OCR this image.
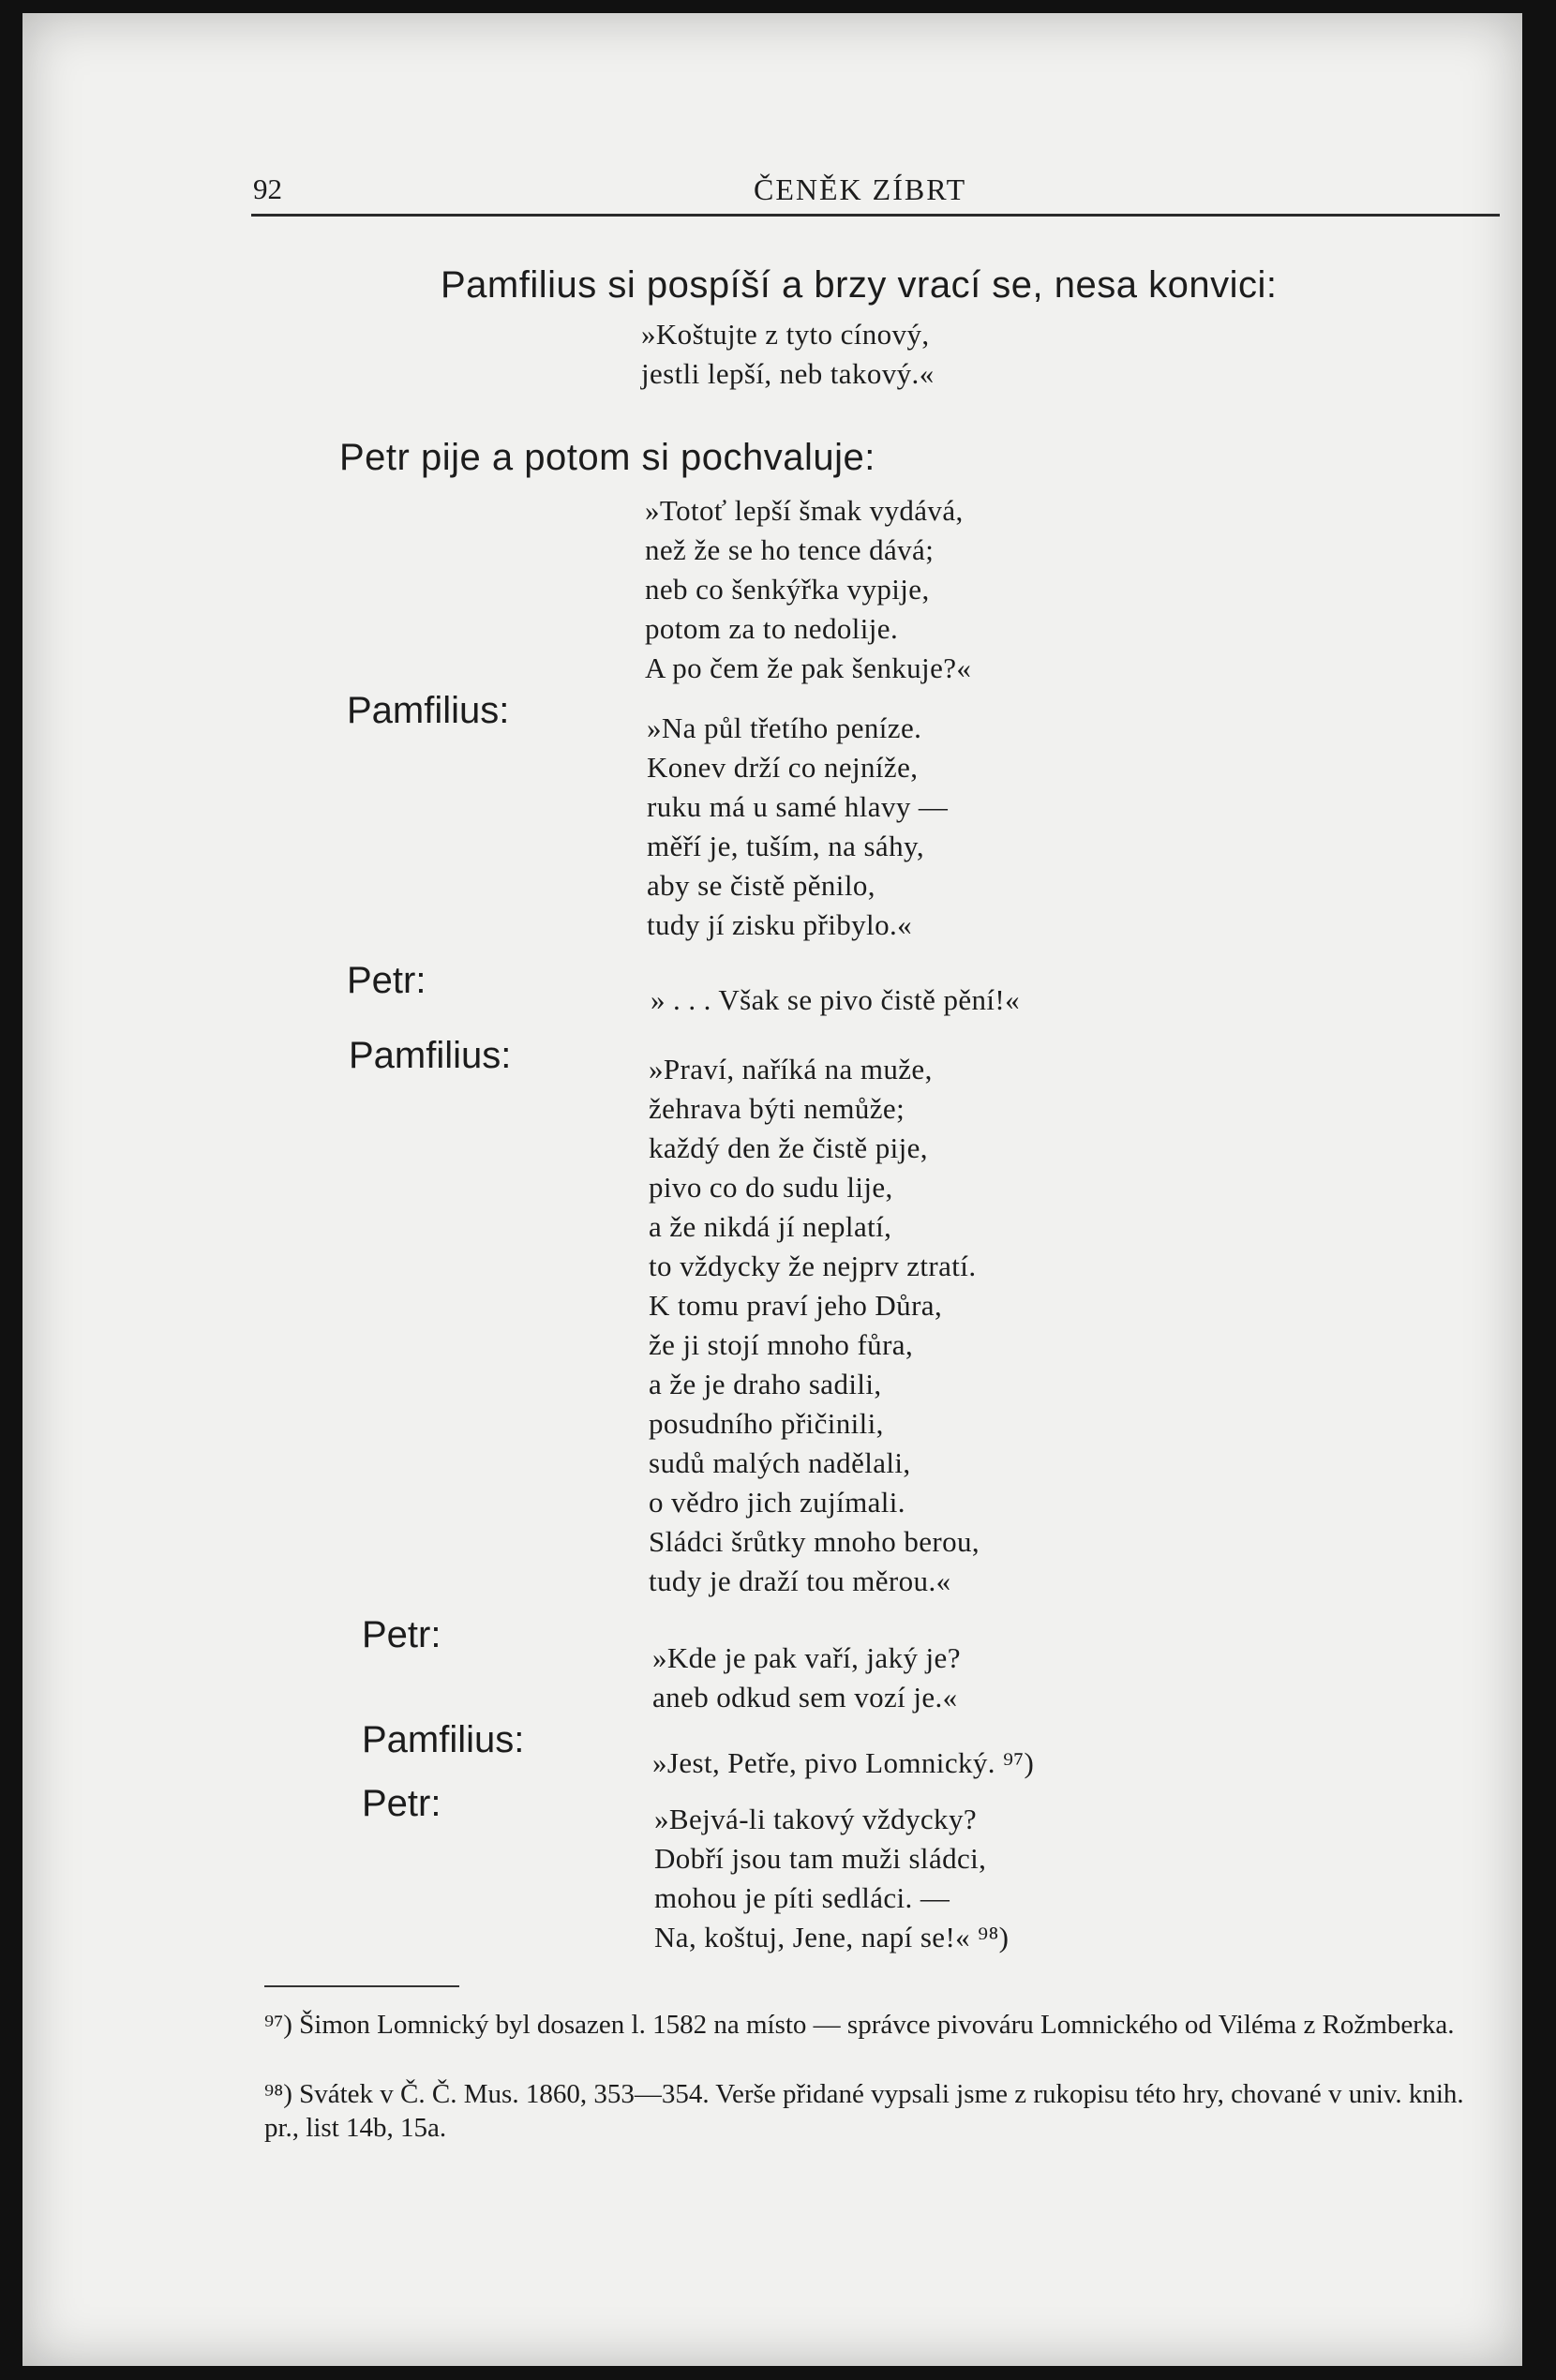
92	ČENĚK ZÍBRT
Pamfilius si pospíší a brzy vrací se, nesa konvici:
»Koštujte z tyto cínový,
jestli lepší, neb takový.«
Petr pije a potom si pochvaluje:
»Totoť lepší šmak vydává,
než že se ho tence dává;
neb co šenkýřka vypije,
potom za to nedolije.
A po čem že pak šenkuje?«
Pamfilius:	»Na půl třetího peníze.
Konev drží co nejníže,
ruku má u samé hlavy —
měří je, tuším, na sáhy,
aby se čistě pěnilo,
tudy jí zisku přibylo.«
Petr:	» . . . Však se pivo čistě pění!«
Pamfilius:	»Praví, naříká na muže,
žehrava býti nemůže;
každý den že čistě pije,
pivo co do sudu lije,
a že nikdá jí neplatí,
to vždycky že nejprv ztratí.
K tomu praví jeho Důra,
že ji stojí mnoho fůra,
a že je draho sadili,
posudního přičinili,
sudů malých nadělali,
o vědro jich zujímali.
Sládci šrůtky mnoho berou,
tudy je draží tou měrou.«
Petr:
»Kde je pak vaří, jaký je?
aneb odkud sem vozí je.«
Pamfilius:
»Jest, Petře, pivo Lomnický. ⁹⁷)
Petr:	»Bejvá-li takový vždycky?
Dobří jsou tam muži sládci,
mohou je píti sedláci. —
Na, koštuj, Jene, napí se!« ⁹⁸)
⁹⁷) Šimon Lomnický byl dosazen l. 1582 na místo — správce pivováru Lomnického od Viléma z Rožmberka.
⁹⁸) Svátek v Č. Č. Mus. 1860, 353—354. Verše přidané vypsali jsme z rukopisu této hry, chované v univ. knih. pr., list 14b, 15a.
